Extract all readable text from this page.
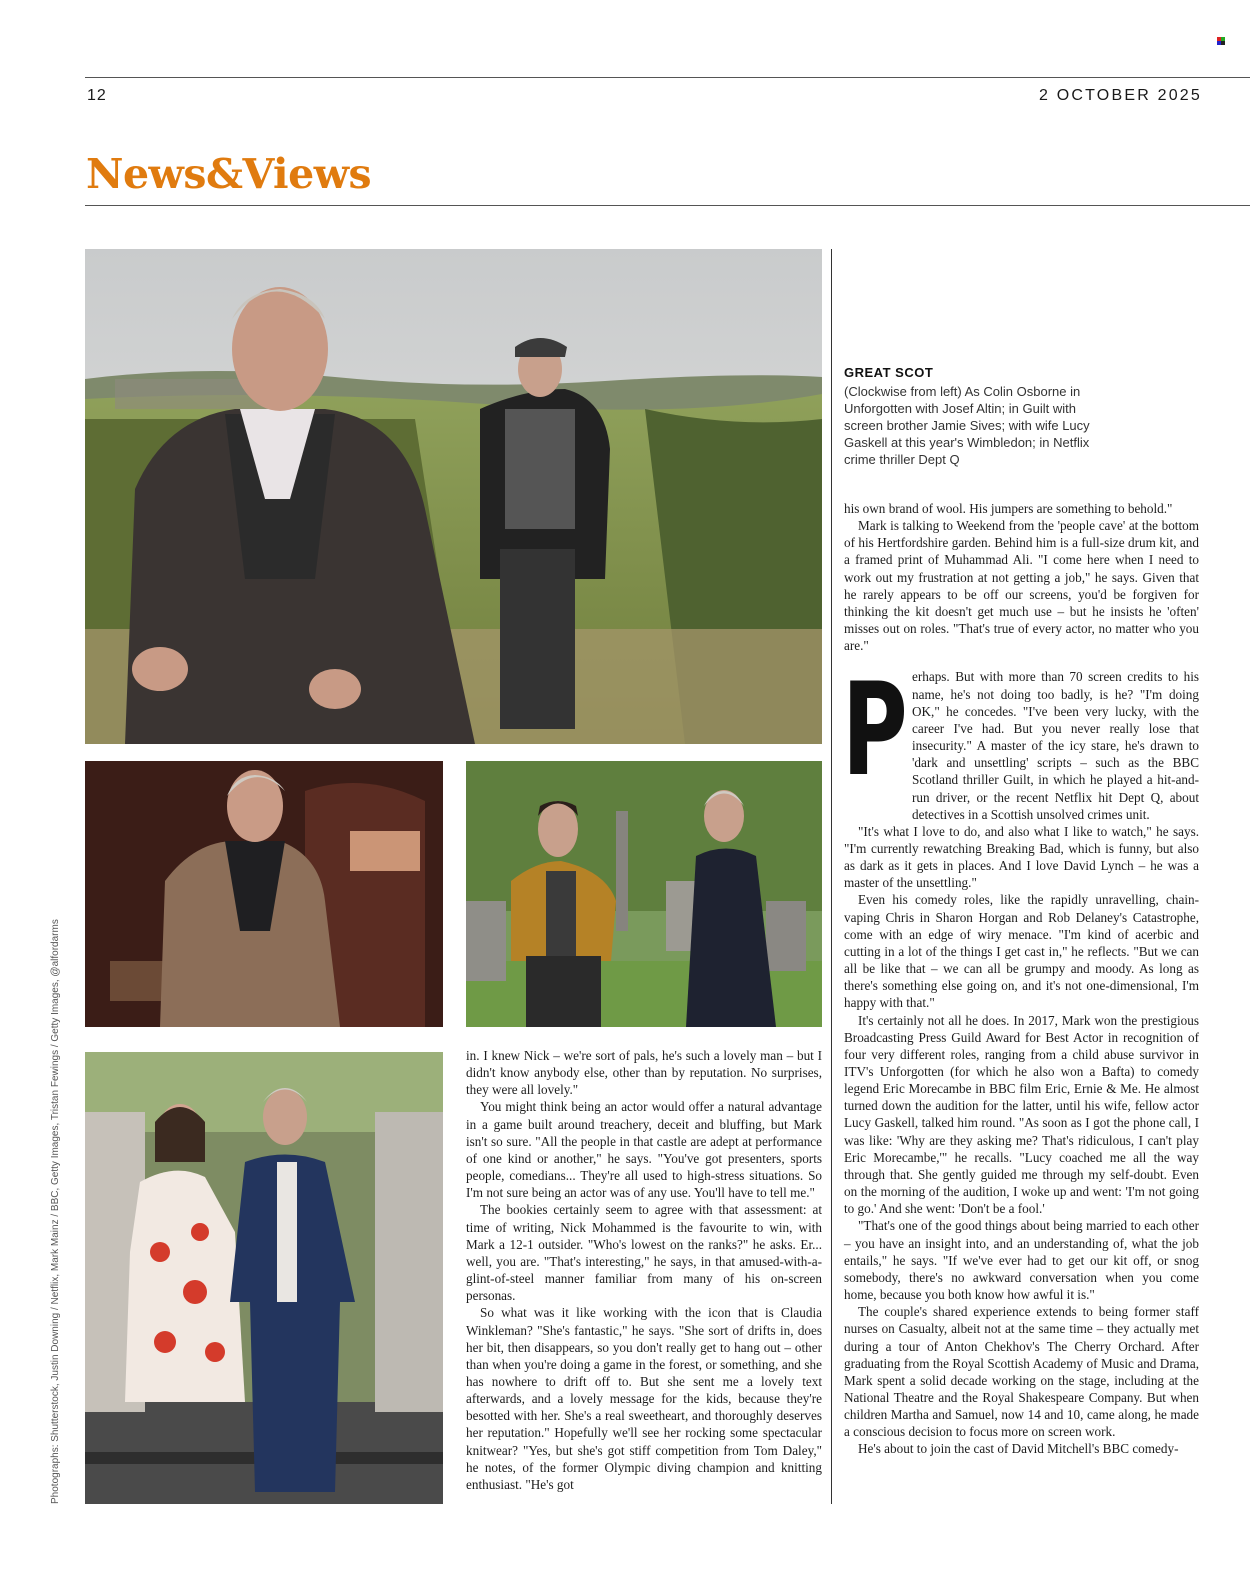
12	2 OCTOBER 2025
News&Views
GREAT SCOT
(Clockwise from left) As Colin Osborne in Unforgotten with Josef Altin; in Guilt with screen brother Jamie Sives; with wife Lucy Gaskell at this year's Wimbledon; in Netflix crime thriller Dept Q

in. I knew Nick – we're sort of pals, he's such a lovely man – but I didn't know anybody else, other than by reputation. No surprises, they were all lovely."

You might think being an actor would offer a natural advantage in a game built around treachery, deceit and bluffing, but Mark isn't so sure. "All the people in that castle are adept at performance of one kind or another," he says. "You've got presenters, sports people, comedians... They're all used to high-stress situations. So I'm not sure being an actor was of any use. You'll have to tell me."

The bookies certainly seem to agree with that assessment: at time of writing, Nick Mohammed is the favourite to win, with Mark a 12-1 outsider. "Who's lowest on the ranks?" he asks. Er... well, you are. "That's interesting," he says, in that amused-with-a-glint-of-steel manner familiar from many of his on-screen personas.

So what was it like working with the icon that is Claudia Winkleman? "She's fantastic," he says. "She sort of drifts in, does her bit, then disappears, so you don't really get to hang out – other than when you're doing a game in the forest, or something, and she has nowhere to drift off to. But she sent me a lovely text afterwards, and a lovely message for the kids, because they're besotted with her. She's a real sweetheart, and thoroughly deserves her reputation." Hopefully we'll see her rocking some spectacular knitwear? "Yes, but she's got stiff competition from Tom Daley," he notes, of the former Olympic diving champion and knitting enthusiast. "He's got

his own brand of wool. His jumpers are something to behold."

Mark is talking to Weekend from the 'people cave' at the bottom of his Hertfordshire garden. Behind him is a full-size drum kit, and a framed print of Muhammad Ali. "I come here when I need to work out my frustration at not getting a job," he says. Given that he rarely appears to be off our screens, you'd be forgiven for thinking the kit doesn't get much use – but he insists he 'often' misses out on roles. "That's true of every actor, no matter who you are."

Perhaps. But with more than 70 screen credits to his name, he's not doing too badly, is he? "I'm doing OK," he concedes. "I've been very lucky, with the career I've had. But you never really lose that insecurity." A master of the icy stare, he's drawn to 'dark and unsettling' scripts – such as the BBC Scotland thriller Guilt, in which he played a hit-and-run driver, or the recent Netflix hit Dept Q, about detectives in a Scottish unsolved crimes unit.

"It's what I love to do, and also what I like to watch," he says. "I'm currently rewatching Breaking Bad, which is funny, but also as dark as it gets in places. And I love David Lynch – he was a master of the unsettling."

Even his comedy roles, like the rapidly unravelling, chain-vaping Chris in Sharon Horgan and Rob Delaney's Catastrophe, come with an edge of wiry menace. "I'm kind of acerbic and cutting in a lot of the things I get cast in," he reflects. "But we can all be like that – we can all be grumpy and moody. As long as there's something else going on, and it's not one-dimensional, I'm happy with that."

It's certainly not all he does. In 2017, Mark won the prestigious Broadcasting Press Guild Award for Best Actor in recognition of four very different roles, ranging from a child abuse survivor in ITV's Unforgotten (for which he also won a Bafta) to comedy legend Eric Morecambe in BBC film Eric, Ernie & Me. He almost turned down the audition for the latter, until his wife, fellow actor Lucy Gaskell, talked him round. "As soon as I got the phone call, I was like: 'Why are they asking me? That's ridiculous, I can't play Eric Morecambe,'" he recalls. "Lucy coached me all the way through that. She gently guided me through my self-doubt. Even on the morning of the audition, I woke up and went: 'I'm not going to go.' And she went: 'Don't be a fool.'

"That's one of the good things about being married to each other – you have an insight into, and an understanding of, what the job entails," he says. "If we've ever had to get our kit off, or snog somebody, there's no awkward conversation when you come home, because you both know how awful it is."

The couple's shared experience extends to being former staff nurses on Casualty, albeit not at the same time – they actually met during a tour of Anton Chekhov's The Cherry Orchard. After graduating from the Royal Scottish Academy of Music and Drama, Mark spent a solid decade working on the stage, including at the National Theatre and the Royal Shakespeare Company. But when children Martha and Samuel, now 14 and 10, came along, he made a conscious decision to focus more on screen work.

He's about to join the cast of David Mitchell's BBC comedy-

Photographs: Shutterstock, Justin Downing / Netflix, Mark Mainz / BBC, Getty Images, Tristan Fewings / Getty Images, @alfordarms
